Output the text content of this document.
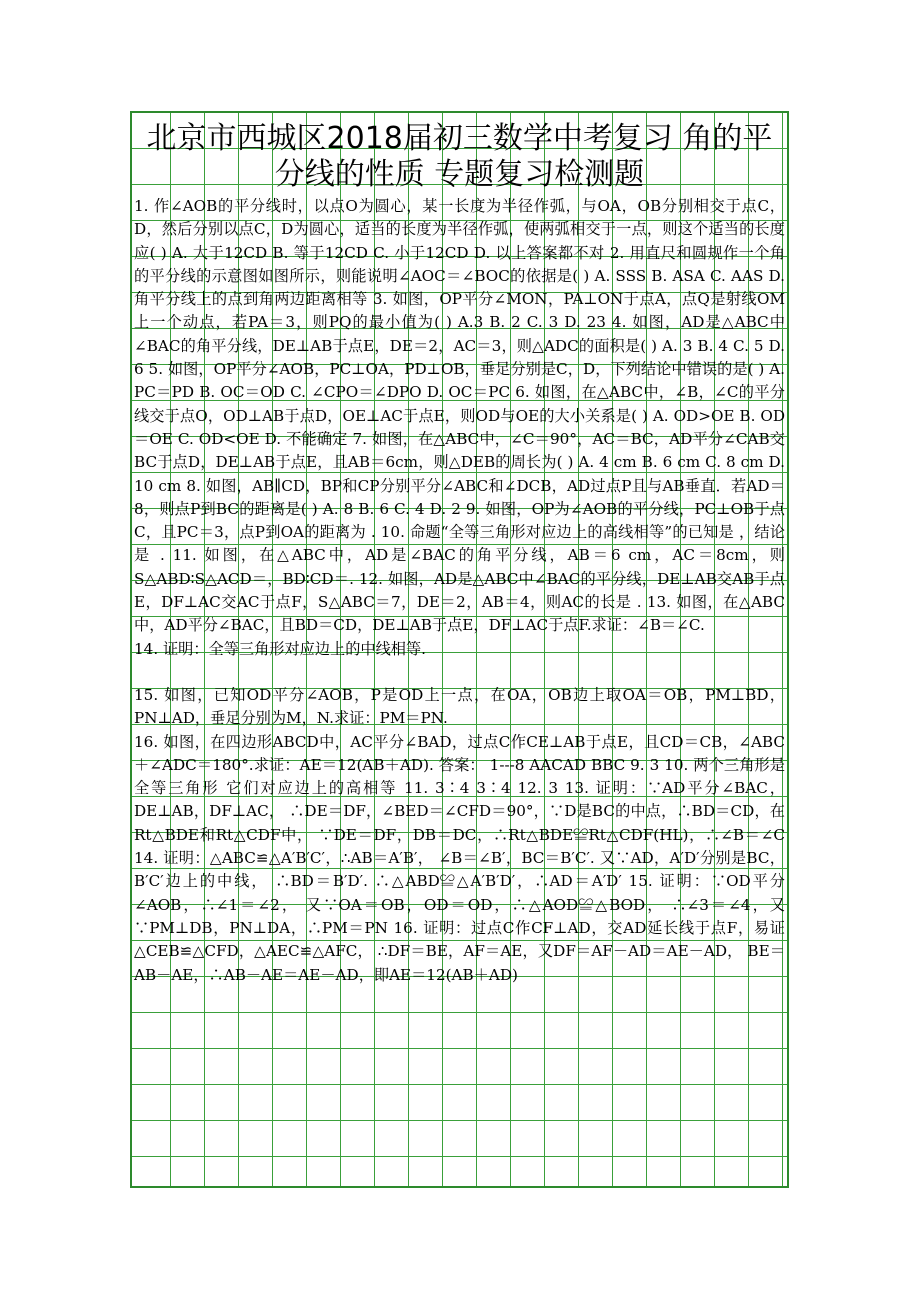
北京市西城区2018届初三数学中考复习 角的平分线的性质 专题复习检测题

1. 作∠AOB的平分线时，以点O为圆心，某一长度为半径作弧，与OA，OB分别相交于点C，D，然后分别以点C，D为圆心，适当的长度为半径作弧，使两弧相交于一点，则这个适当的长度应( ) A. 大于12CD B. 等于12CD C. 小于12CD D. 以上答案都不对 2. 用直尺和圆规作一个角的平分线的示意图如图所示，则能说明∠AOC＝∠BOC的依据是( ) A. SSS B. ASA C. AAS D. 角平分线上的点到角两边距离相等 3. 如图，OP平分∠MON，PA⊥ON于点A，点Q是射线OM上一个动点，若PA＝3，则PQ的最小值为( ) A.3 B. 2 C. 3 D. 23 4. 如图，AD是△ABC中∠BAC的角平分线，DE⊥AB于点E，DE＝2，AC＝3，则△ADC的面积是( ) A. 3 B. 4 C. 5 D. 6 5. 如图，OP平分∠AOB，PC⊥OA，PD⊥OB，垂足分别是C，D，下列结论中错误的是( ) A. PC＝PD B. OC＝OD C. ∠CPO＝∠DPO D. OC＝PC 6. 如图，在△ABC中，∠B，∠C的平分线交于点O，OD⊥AB于点D，OE⊥AC于点E，则OD与OE的大小关系是( ) A. OD>OE B. OD＝OE C. OD<OE D. 不能确定 7. 如图，在△ABC中，∠C＝90°，AC＝BC，AD平分∠CAB交BC于点D，DE⊥AB于点E，且AB＝6cm，则△DEB的周长为( ) A. 4 cm B. 6 cm C. 8 cm D. 10 cm 8. 如图，AB∥CD，BP和CP分别平分∠ABC和∠DCB，AD过点P且与AB垂直．若AD＝8，则点P到BC的距离是( ) A. 8 B. 6 C. 4 D. 2 9. 如图，OP为∠AOB的平分线，PC⊥OB于点C，且PC＝3，点P到OA的距离为 . 10. 命题“全等三角形对应边上的高线相等”的已知是 ，结论是 . 11. 如图，在△ABC中，AD是∠BAC的角平分线，AB＝6 cm，AC＝8cm，则S△ABD∶S△ACD＝，BD∶CD＝. 12. 如图，AD是△ABC中∠BAC的平分线，DE⊥AB交AB于点E，DF⊥AC交AC于点F，S△ABC＝7，DE＝2，AB＝4，则AC的长是 . 13. 如图，在△ABC中，AD平分∠BAC，且BD＝CD，DE⊥AB于点E，DF⊥AC于点F.求证：∠B＝∠C.

14. 证明：全等三角形对应边上的中线相等.

15. 如图，已知OD平分∠AOB，P是OD上一点，在OA，OB边上取OA＝OB，PM⊥BD，PN⊥AD，垂足分别为M，N.求证：PM＝PN.

16. 如图，在四边形ABCD中，AC平分∠BAD，过点C作CE⊥AB于点E，且CD＝CB，∠ABC＋∠ADC＝180°.求证：AE＝12(AB＋AD). 答案： 1---8 AACAD BBC 9. 3 10. 两个三角形是全等三角形 它们对应边上的高相等 11. 3∶4 3∶4 12. 3 13. 证明：∵AD平分∠BAC，DE⊥AB，DF⊥AC， ∴DE＝DF，∠BED＝∠CFD＝90°，∵D是BC的中点，∴BD＝CD，在Rt△BDE和Rt△CDF中， ∵DE＝DF，DB＝DC，∴Rt△BDE≌Rt△CDF(HL)，∴∠B＝∠C 14. 证明：△ABC≌△A′B′C′，∴AB＝A′B′， ∠B＝∠B′，BC＝B′C′. 又∵AD，A′D′分别是BC，B′C′边上的中线， ∴BD＝B′D′. ∴△ABD≌△A′B′D′，∴AD＝A′D′ 15. 证明：∵OD平分∠AOB，∴∠1＝∠2， 又∵OA＝OB，OD＝OD，∴△AOD≌△BOD， ∴∠3＝∠4，又∵PM⊥DB，PN⊥DA，∴PM＝PN 16. 证明：过点C作CF⊥AD，交AD延长线于点F，易证△CEB≌△CFD，△AEC≌△AFC， ∴DF＝BE，AF＝AE，又DF＝AF－AD＝AE－AD， BE＝AB－AE，∴AB－AE＝AE－AD，即AE＝12(AB＋AD)
